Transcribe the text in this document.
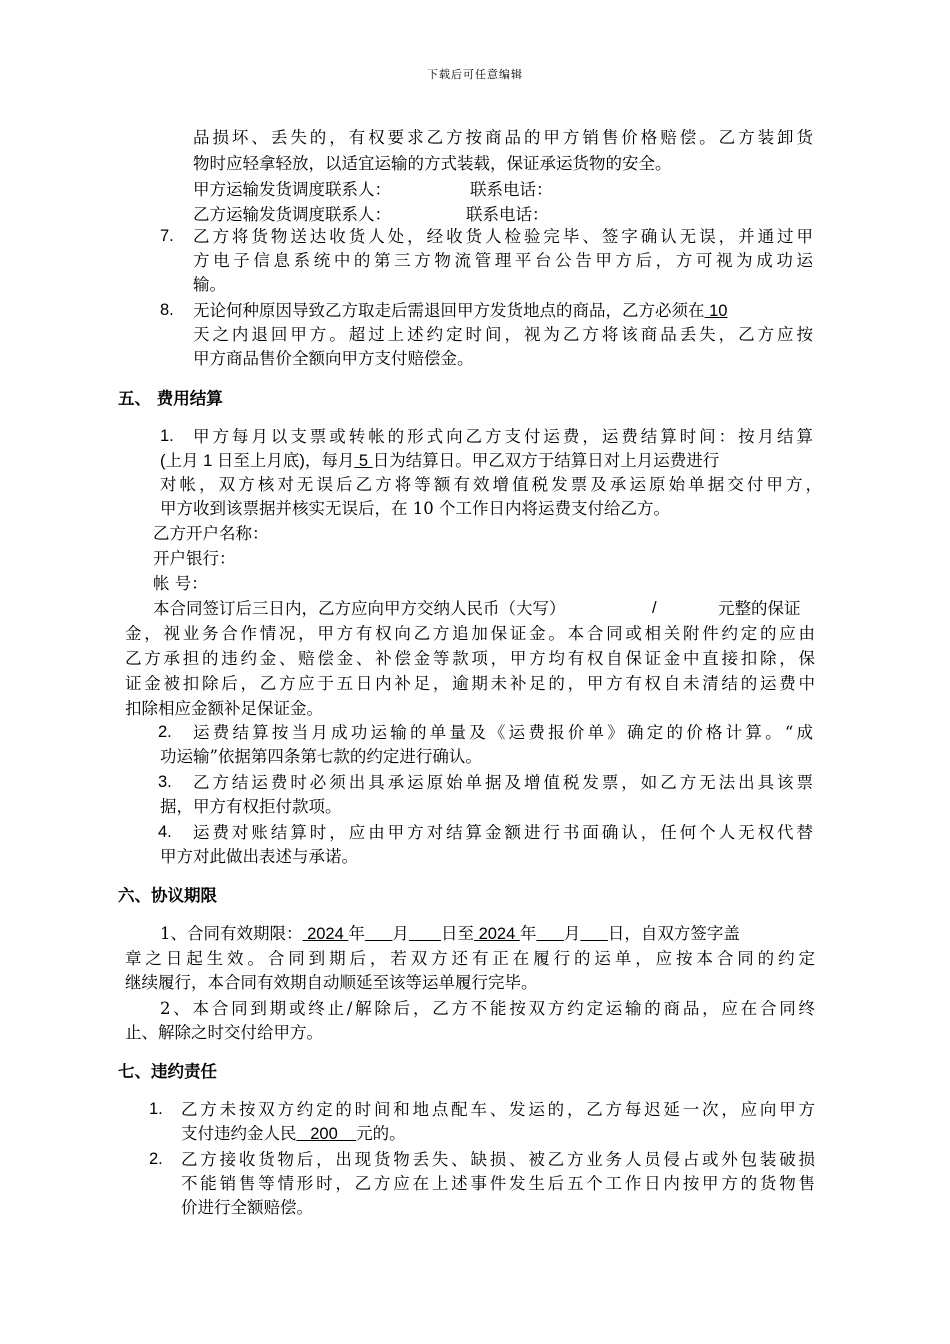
下载后可任意编辑
品损坏、丢失的，有权要求乙方按商品的甲方销售价格赔偿。乙方装卸货
物时应轻拿轻放，以适宜运输的方式装载，保证承运货物的安全。
甲方运输发货调度联系人：	联系电话：
乙方运输发货调度联系人：	联系电话：
7. 乙方将货物送达收货人处，经收货人检验完毕、签字确认无误，并通过甲
方电子信息系统中的第三方物流管理平台公告甲方后，方可视为成功运
输。
8. 无论何种原因导致乙方取走后需退回甲方发货地点的商品，乙方必须在 10
天之内退回甲方。超过上述约定时间，视为乙方将该商品丢失，乙方应按
甲方商品售价全额向甲方支付赔偿金。
五、 费用结算
1. 甲方每月以支票或转帐的形式向乙方支付运费，运费结算时间：按月结算
(上月 1 日至上月底)，每月 5 日为结算日。甲乙双方于结算日对上月运费进行
对帐，双方核对无误后乙方将等额有效增值税发票及承运原始单据交付甲方，
甲方收到该票据并核实无误后，在 10 个工作日内将运费支付给乙方。
乙方开户名称：
开户银行：
帐 号：
本合同签订后三日内，乙方应向甲方交纳人民币（大写）	/	元整的保证
金，视业务合作情况，甲方有权向乙方追加保证金。本合同或相关附件约定的应由
乙方承担的违约金、赔偿金、补偿金等款项，甲方均有权自保证金中直接扣除，保
证金被扣除后，乙方应于五日内补足，逾期未补足的，甲方有权自未清结的运费中
扣除相应金额补足保证金。
2. 运费结算按当月成功运输的单量及《运费报价单》确定的价格计算。“成
功运输”依据第四条第七款的约定进行确认。
3. 乙方结运费时必须出具承运原始单据及增值税发票，如乙方无法出具该票
据，甲方有权拒付款项。
4. 运费对账结算时，应由甲方对结算金额进行书面确认，任何个人无权代替
甲方对此做出表述与承诺。
六、协议期限
1、合同有效期限： 2024 年 月 日至 2024 年 月 日，自双方签字盖
章之日起生效。合同到期后，若双方还有正在履行的运单，应按本合同的约定
继续履行，本合同有效期自动顺延至该等运单履行完毕。
2、本合同到期或终止/解除后，乙方不能按双方约定运输的商品，应在合同终
止、解除之时交付给甲方。
七、违约责任
1. 乙方未按双方约定的时间和地点配车、发运的，乙方每迟延一次，应向甲方
支付违约金人民   200    元的。
2. 乙方接收货物后，出现货物丢失、缺损、被乙方业务人员侵占或外包装破损
不能销售等情形时，乙方应在上述事件发生后五个工作日内按甲方的货物售
价进行全额赔偿。
